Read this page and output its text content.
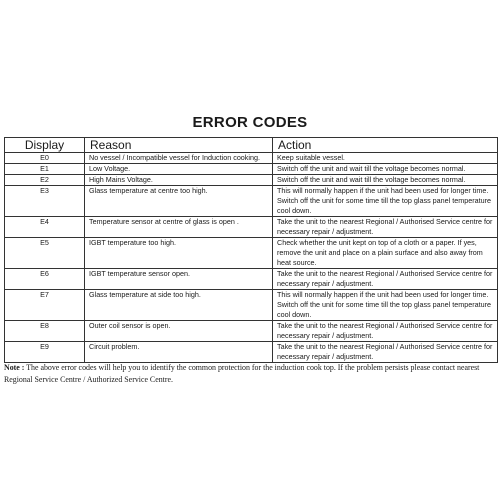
ERROR CODES
Display	Reason	Action
E0	No vessel / Incompatible vessel for Induction cooking.	Keep suitable vessel.
E1	Low Voltage.	Switch off the unit and wait till the voltage becomes normal.
E2	High Mains Voltage.	Switch off the unit and wait till the voltage becomes normal.
E3	Glass temperature at centre too high.	This will normally happen if the unit had been used for longer time. Switch off the unit for some time till the top glass panel temperature cool down.
E4	Temperature sensor at centre of glass is open .	Take the unit to the nearest Regional / Authorised Service centre for necessary repair / adjustment.
E5	IGBT temperature too high.	Check whether the unit kept on top of a cloth or a paper. If yes, remove the unit and place on a plain surface and also away from heat source.
E6	IGBT temperature sensor open.	Take the unit to the nearest Regional / Authorised Service centre for necessary repair / adjustment.
E7	Glass temperature at side too high.	This will normally happen if the unit had been used for longer time. Switch off the unit for some time till the top glass panel temperature cool down.
E8	Outer coil sensor is open.	Take the unit to the nearest Regional / Authorised Service centre for necessary repair / adjustment.
E9	Circuit problem.	Take the unit to the nearest Regional / Authorised Service centre for necessary repair / adjustment.
Note : The above error codes will help you to identify the common protection for the induction cook top. If the problem persists please contact nearest Regional Service Centre / Authorized Service Centre.
